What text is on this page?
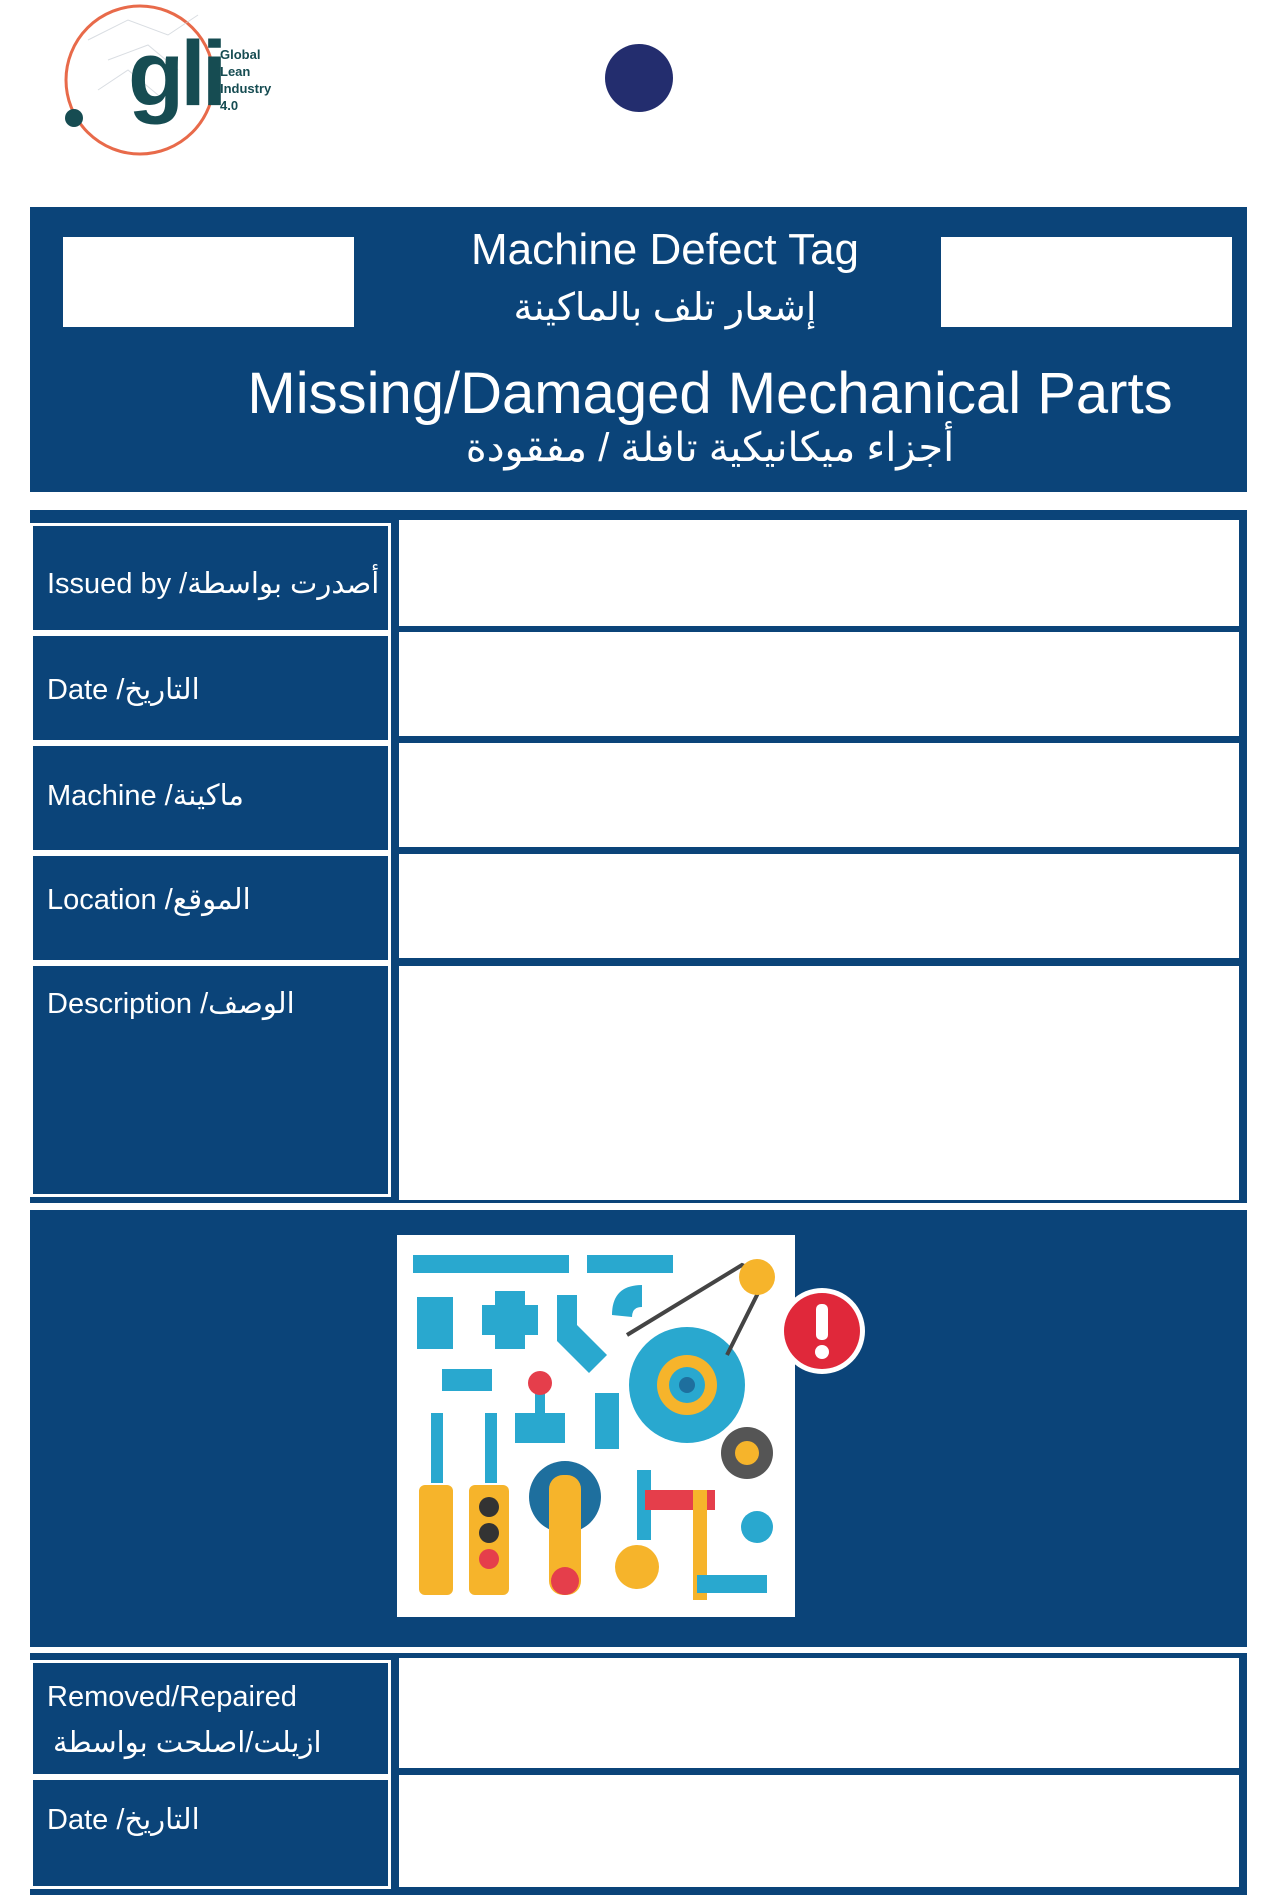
gli
Global
Lean
Industry
4.0
Machine Defect Tag
إشعار تلف بالماكينة
Missing/Damaged Mechanical Parts
أجزاء ميكانيكية تافلة / مفقودة
Issued by /أصدرت بواسطة
Date /التاريخ
Machine /ماكينة
Location /الموقع
Description /الوصف
Removed/Repaired
ازيلت/اصلحت بواسطة
Date /التاريخ
